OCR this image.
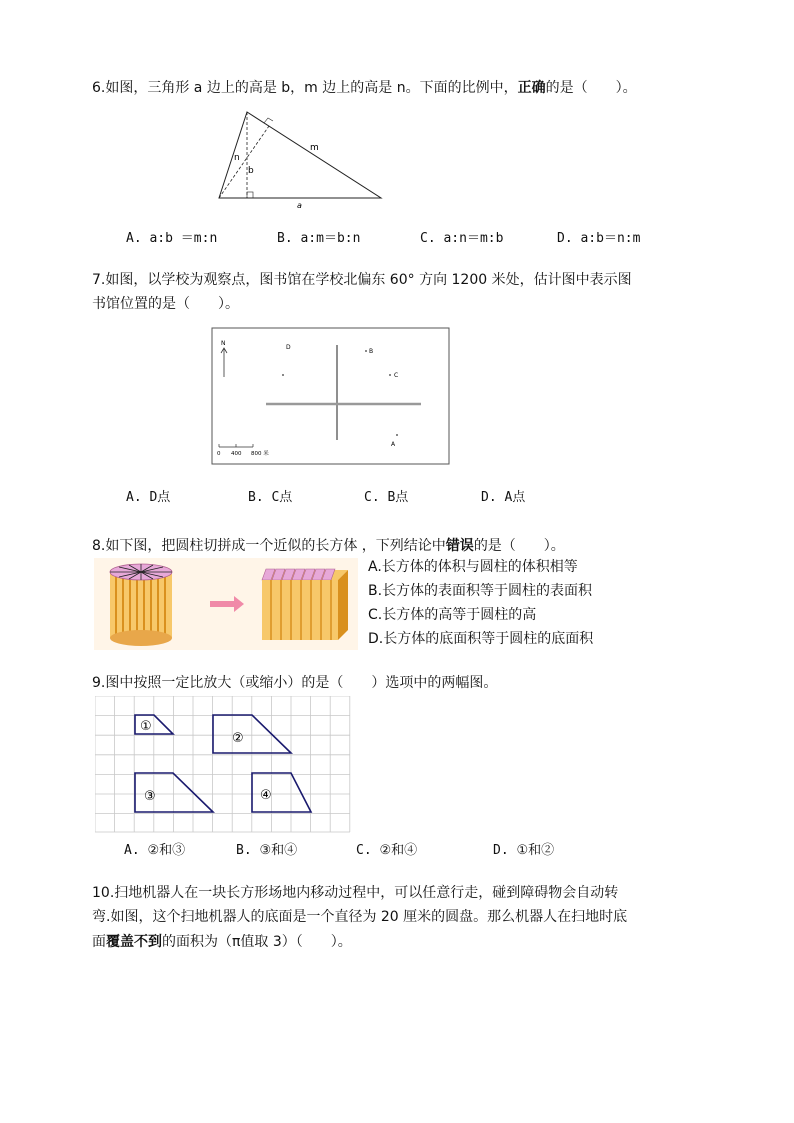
6.如图，三角形 a 边上的高是 b，m 边上的高是 n。下面的比例中，正确的是（　　）。
m
n
b
a
A. a:b ＝m:n	B. a:m＝b:n	C. a:n＝m:b	D. a:b＝n:m
7.如图，以学校为观察点，图书馆在学校北偏东 60° 方向 1200 米处，估计图中表示图
书馆位置的是（　　）。
N
D
B
C
A
0 400 800 米
A. D点	B. C点	C. B点	D. A点
8.如下图，把圆柱切拼成一个近似的长方体 ，下列结论中错误的是（　　）。
A.长方体的体积与圆柱的体积相等
B.长方体的表面积等于圆柱的表面积
C.长方体的高等于圆柱的高
D.长方体的底面积等于圆柱的底面积
9.图中按照一定比放大（或缩小）的是（　　）选项中的两幅图。
①
②
③	④
A. ②和③	B. ③和④	C. ②和④	D. ①和②
10.扫地机器人在一块长方形场地内移动过程中，可以任意行走，碰到障碍物会自动转
弯.如图，这个扫地机器人的底面是一个直径为 20 厘米的圆盘。那么机器人在扫地时底
面覆盖不到的面积为（π值取 3）（　　）。
